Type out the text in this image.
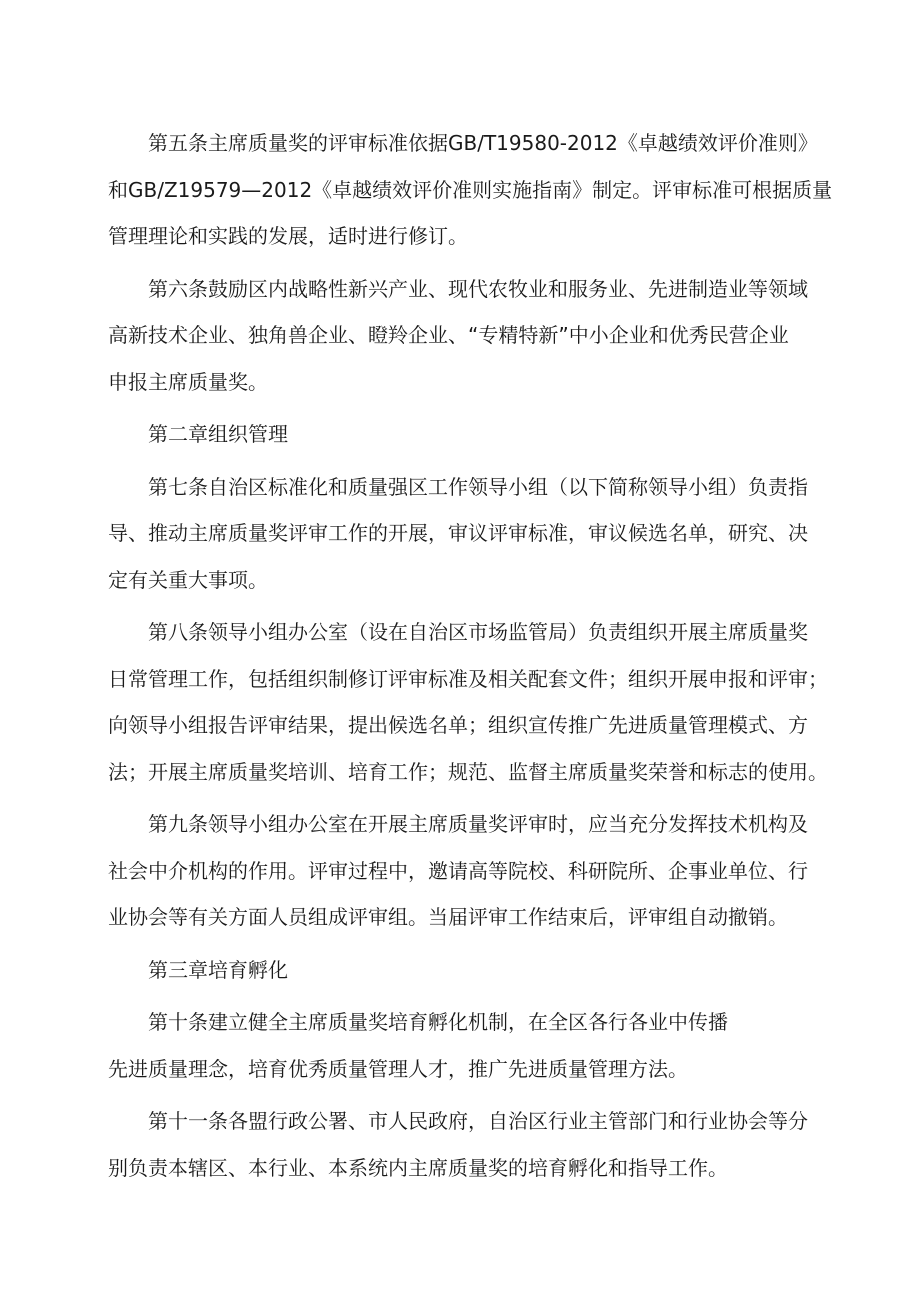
第五条主席质量奖的评审标准依据GB/T19580-2012《卓越绩效评价准则》
和GB/Z19579—2012《卓越绩效评价准则实施指南》制定。评审标准可根据质量
管理理论和实践的发展，适时进行修订。

第六条鼓励区内战略性新兴产业、现代农牧业和服务业、先进制造业等领域
高新技术企业、独角兽企业、瞪羚企业、“专精特新”中小企业和优秀民营企业
申报主席质量奖。

第二章组织管理

第七条自治区标准化和质量强区工作领导小组（以下简称领导小组）负责指
导、推动主席质量奖评审工作的开展，审议评审标准，审议候选名单，研究、决
定有关重大事项。

第八条领导小组办公室（设在自治区市场监管局）负责组织开展主席质量奖
日常管理工作，包括组织制修订评审标准及相关配套文件；组织开展申报和评审；
向领导小组报告评审结果，提出候选名单；组织宣传推广先进质量管理模式、方
法；开展主席质量奖培训、培育工作；规范、监督主席质量奖荣誉和标志的使用。

第九条领导小组办公室在开展主席质量奖评审时，应当充分发挥技术机构及
社会中介机构的作用。评审过程中，邀请高等院校、科研院所、企事业单位、行
业协会等有关方面人员组成评审组。当届评审工作结束后，评审组自动撤销。

第三章培育孵化

第十条建立健全主席质量奖培育孵化机制，在全区各行各业中传播
先进质量理念，培育优秀质量管理人才，推广先进质量管理方法。

第十一条各盟行政公署、市人民政府，自治区行业主管部门和行业协会等分
别负责本辖区、本行业、本系统内主席质量奖的培育孵化和指导工作。
